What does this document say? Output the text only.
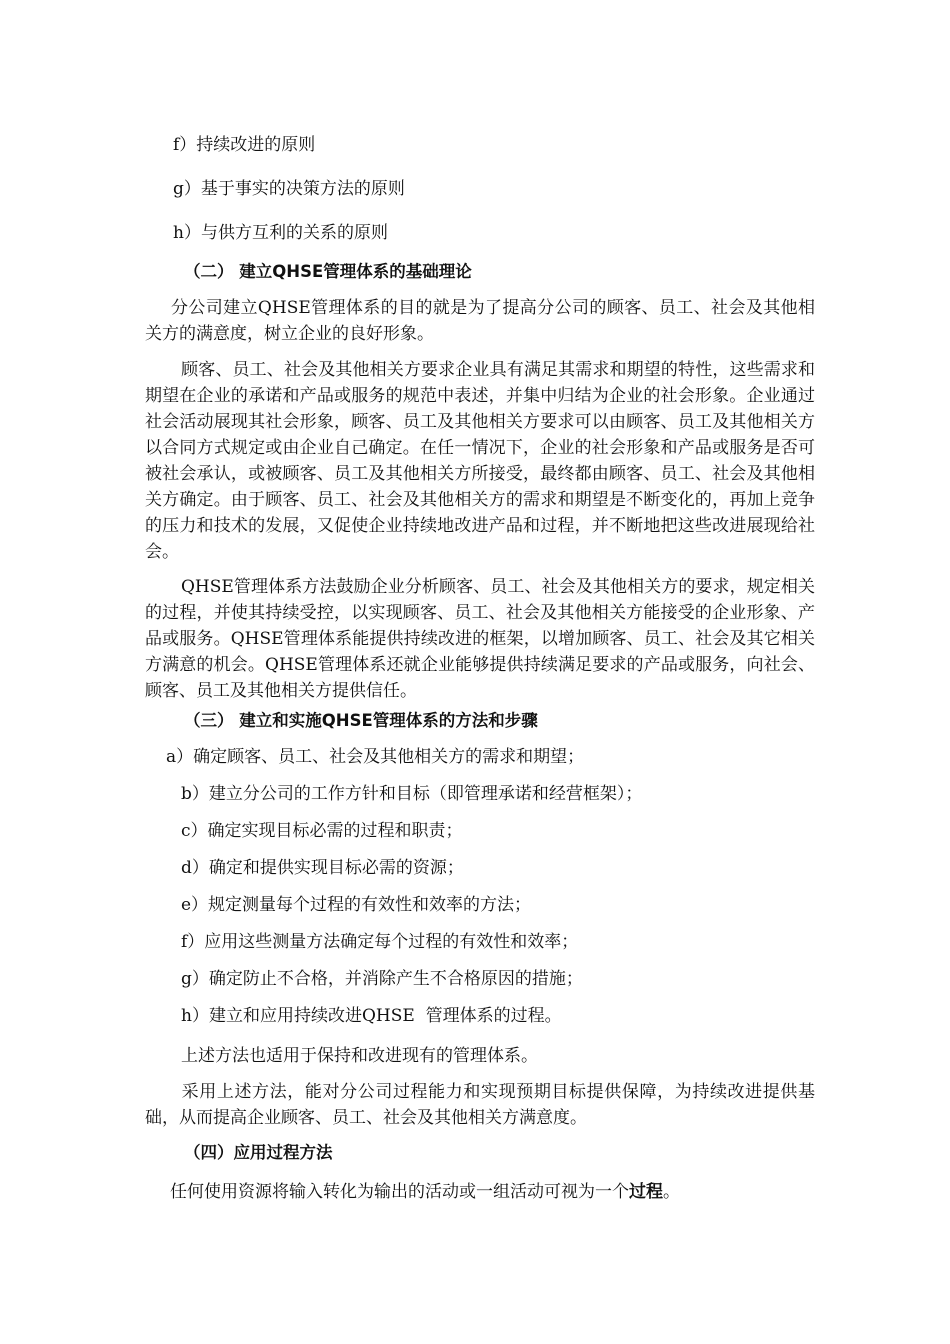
f）持续改进的原则
g）基于事实的决策方法的原则
h）与供方互利的关系的原则
（二） 建立QHSE管理体系的基础理论

分公司建立QHSE管理体系的目的就是为了提高分公司的顾客、员工、社会及其他相关方的满意度，树立企业的良好形象。

顾客、员工、社会及其他相关方要求企业具有满足其需求和期望的特性，这些需求和期望在企业的承诺和产品或服务的规范中表述，并集中归结为企业的社会形象。企业通过社会活动展现其社会形象，顾客、员工及其他相关方要求可以由顾客、员工及其他相关方以合同方式规定或由企业自己确定。在任一情况下，企业的社会形象和产品或服务是否可被社会承认，或被顾客、员工及其他相关方所接受，最终都由顾客、员工、社会及其他相关方确定。由于顾客、员工、社会及其他相关方的需求和期望是不断变化的，再加上竞争的压力和技术的发展，又促使企业持续地改进产品和过程，并不断地把这些改进展现给社会。

QHSE管理体系方法鼓励企业分析顾客、员工、社会及其他相关方的要求，规定相关的过程，并使其持续受控，以实现顾客、员工、社会及其他相关方能接受的企业形象、产品或服务。QHSE管理体系能提供持续改进的框架，以增加顾客、员工、社会及其它相关方满意的机会。QHSE管理体系还就企业能够提供持续满足要求的产品或服务，向社会、顾客、员工及其他相关方提供信任。

（三） 建立和实施QHSE管理体系的方法和步骤
a）确定顾客、员工、社会及其他相关方的需求和期望；
b）建立分公司的工作方针和目标（即管理承诺和经营框架）；
c）确定实现目标必需的过程和职责；
d）确定和提供实现目标必需的资源；
e）规定测量每个过程的有效性和效率的方法；
f）应用这些测量方法确定每个过程的有效性和效率；
g）确定防止不合格，并消除产生不合格原因的措施；
h）建立和应用持续改进QHSE  管理体系的过程。
上述方法也适用于保持和改进现有的管理体系。

采用上述方法，能对分公司过程能力和实现预期目标提供保障，为持续改进提供基础，从而提高企业顾客、员工、社会及其他相关方满意度。

（四）应用过程方法
任何使用资源将输入转化为输出的活动或一组活动可视为一个过程。
